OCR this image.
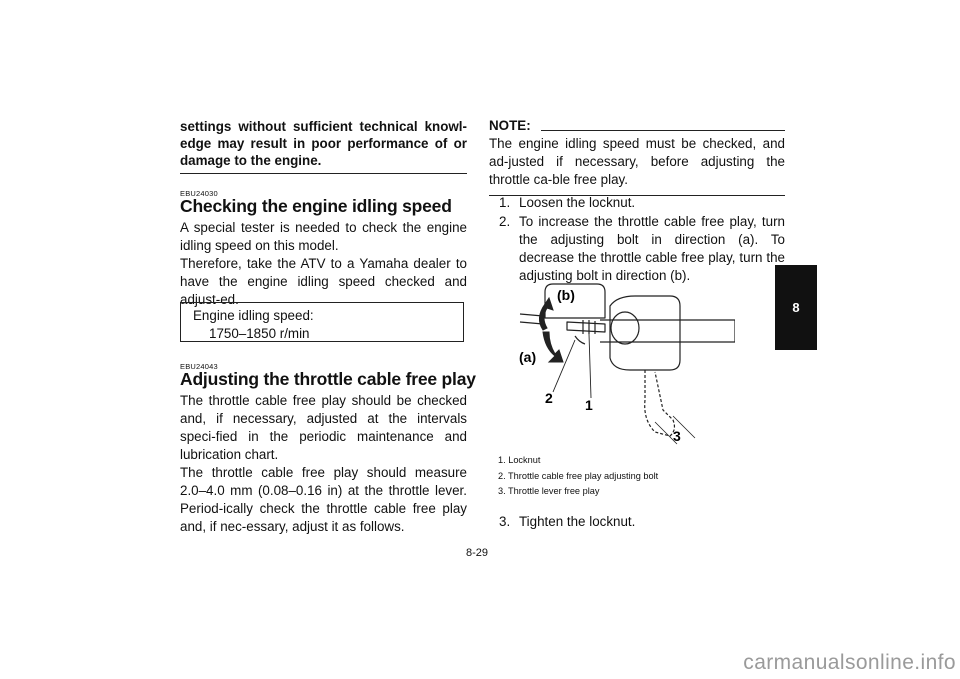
settings without sufficient technical knowl-edge may result in poor performance of or damage to the engine.
EBU24030
Checking the engine idling speed

A special tester is needed to check the engine idling speed on this model.

Therefore, take the ATV to a Yamaha dealer to have the engine idling speed checked and adjust-ed.

Engine idling speed:
1750–1850 r/min
EBU24043
Adjusting the throttle cable free play

The throttle cable free play should be checked and, if necessary, adjusted at the intervals speci-fied in the periodic maintenance and lubrication chart.

The throttle cable free play should measure 2.0–4.0 mm (0.08–0.16 in) at the throttle lever. Period-ically check the throttle cable free play and, if nec-essary, adjust it as follows.

NOTE:
The engine idling speed must be checked, and ad-justed if necessary, before adjusting the throttle ca-ble free play.
1. Loosen the locknut.
2. To increase the throttle cable free play, turn the adjusting bolt in direction (a). To decrease the throttle cable free play, turn the adjusting bolt in direction (b).
(b)
(a)
2 1
3
1. Locknut
2. Throttle cable free play adjusting bolt
3. Throttle lever free play
3. Tighten the locknut.
8-29
8
carmanualsonline.info
